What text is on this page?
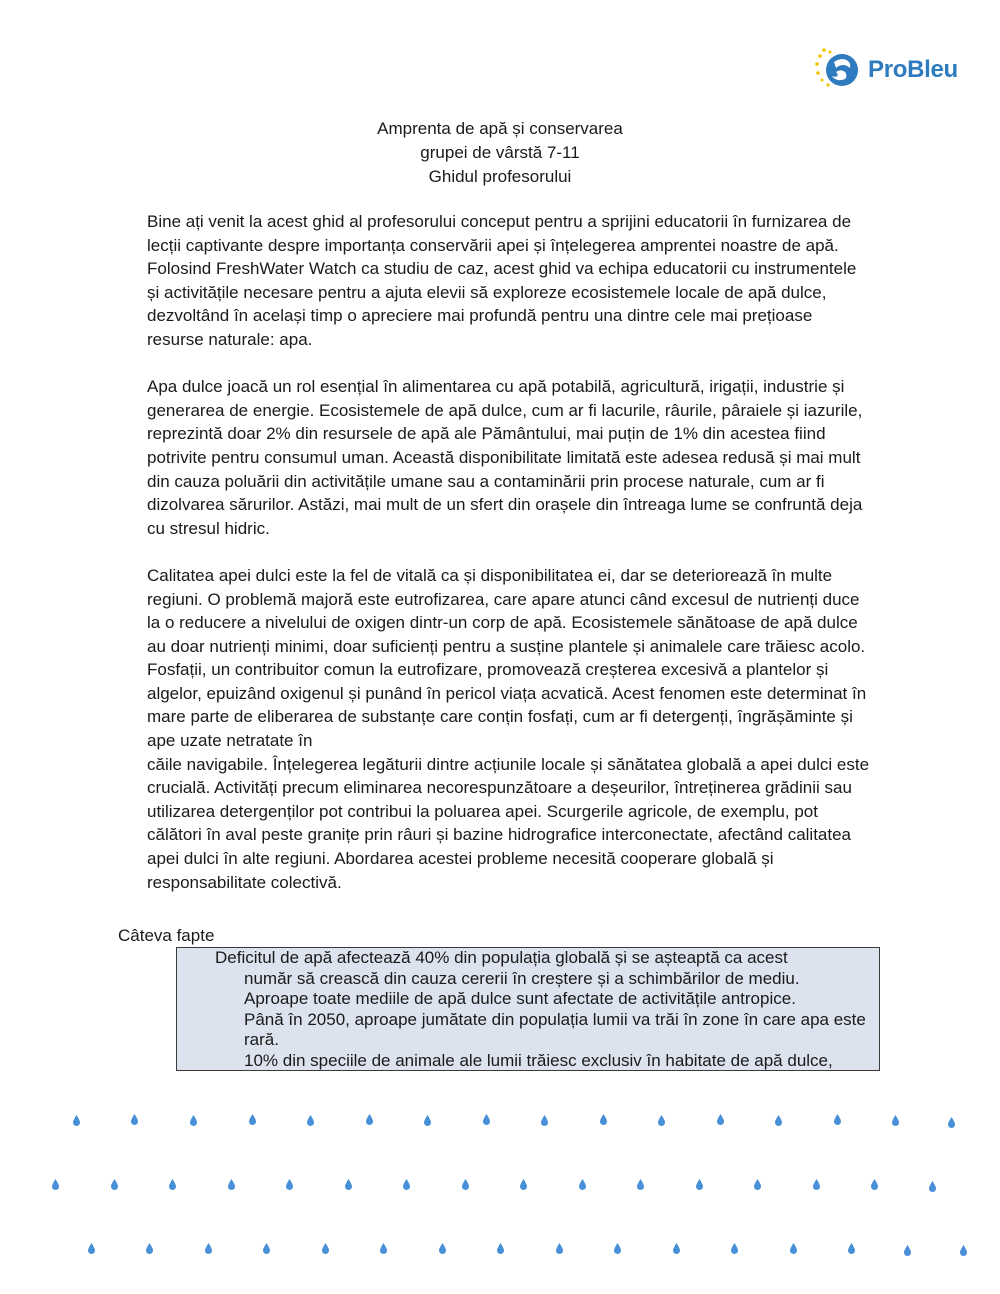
ProBleu
Amprenta de apă și conservarea
grupei de vârstă 7-11
Ghidul profesorului

Bine ați venit la acest ghid al profesorului conceput pentru a sprijini educatorii în furnizarea de lecții captivante despre importanța conservării apei și înțelegerea amprentei noastre de apă. Folosind FreshWater Watch ca studiu de caz, acest ghid va echipa educatorii cu instrumentele și activitățile necesare pentru a ajuta elevii să exploreze ecosistemele locale de apă dulce, dezvoltând în același timp o apreciere mai profundă pentru una dintre cele mai prețioase resurse naturale: apa.

Apa dulce joacă un rol esențial în alimentarea cu apă potabilă, agricultură, irigații, industrie și generarea de energie. Ecosistemele de apă dulce, cum ar fi lacurile, râurile, pâraiele și iazurile, reprezintă doar 2% din resursele de apă ale Pământului, mai puțin de 1% din acestea fiind potrivite pentru consumul uman. Această disponibilitate limitată este adesea redusă și mai mult din cauza poluării din activitățile umane sau a contaminării prin procese naturale, cum ar fi dizolvarea sărurilor. Astăzi, mai mult de un sfert din orașele din întreaga lume se confruntă deja cu stresul hidric.

Calitatea apei dulci este la fel de vitală ca și disponibilitatea ei, dar se deteriorează în multe regiuni. O problemă majoră este eutrofizarea, care apare atunci când excesul de nutrienți duce la o reducere a nivelului de oxigen dintr-un corp de apă. Ecosistemele sănătoase de apă dulce au doar nutrienți minimi, doar suficienți pentru a susține plantele și animalele care trăiesc acolo. Fosfații, un contribuitor comun la eutrofizare, promovează creșterea excesivă a plantelor și algelor, epuizând oxigenul și punând în pericol viața acvatică. Acest fenomen este determinat în mare parte de eliberarea de substanțe care conțin fosfați, cum ar fi detergenți, îngrășăminte și ape uzate netratate în

căile navigabile. Înțelegerea legăturii dintre acțiunile locale și sănătatea globală a apei dulci este crucială. Activități precum eliminarea necorespunzătoare a deșeurilor, întreținerea grădinii sau utilizarea detergenților pot contribui la poluarea apei. Scurgerile agricole, de exemplu, pot călători în aval peste granițe prin râuri și bazine hidrografice interconectate, afectând calitatea apei dulci în alte regiuni. Abordarea acestei probleme necesită cooperare globală și responsabilitate colectivă.

Câteva fapte
Deficitul de apă afectează 40% din populația globală și se așteaptă ca acest
număr să crească din cauza cererii în creștere și a schimbărilor de mediu.
Aproape toate mediile de apă dulce sunt afectate de activitățile antropice.
Până în 2050, aproape jumătate din populația lumii va trăi în zone în care apa este rară.
10% din speciile de animale ale lumii trăiesc exclusiv în habitate de apă dulce,
